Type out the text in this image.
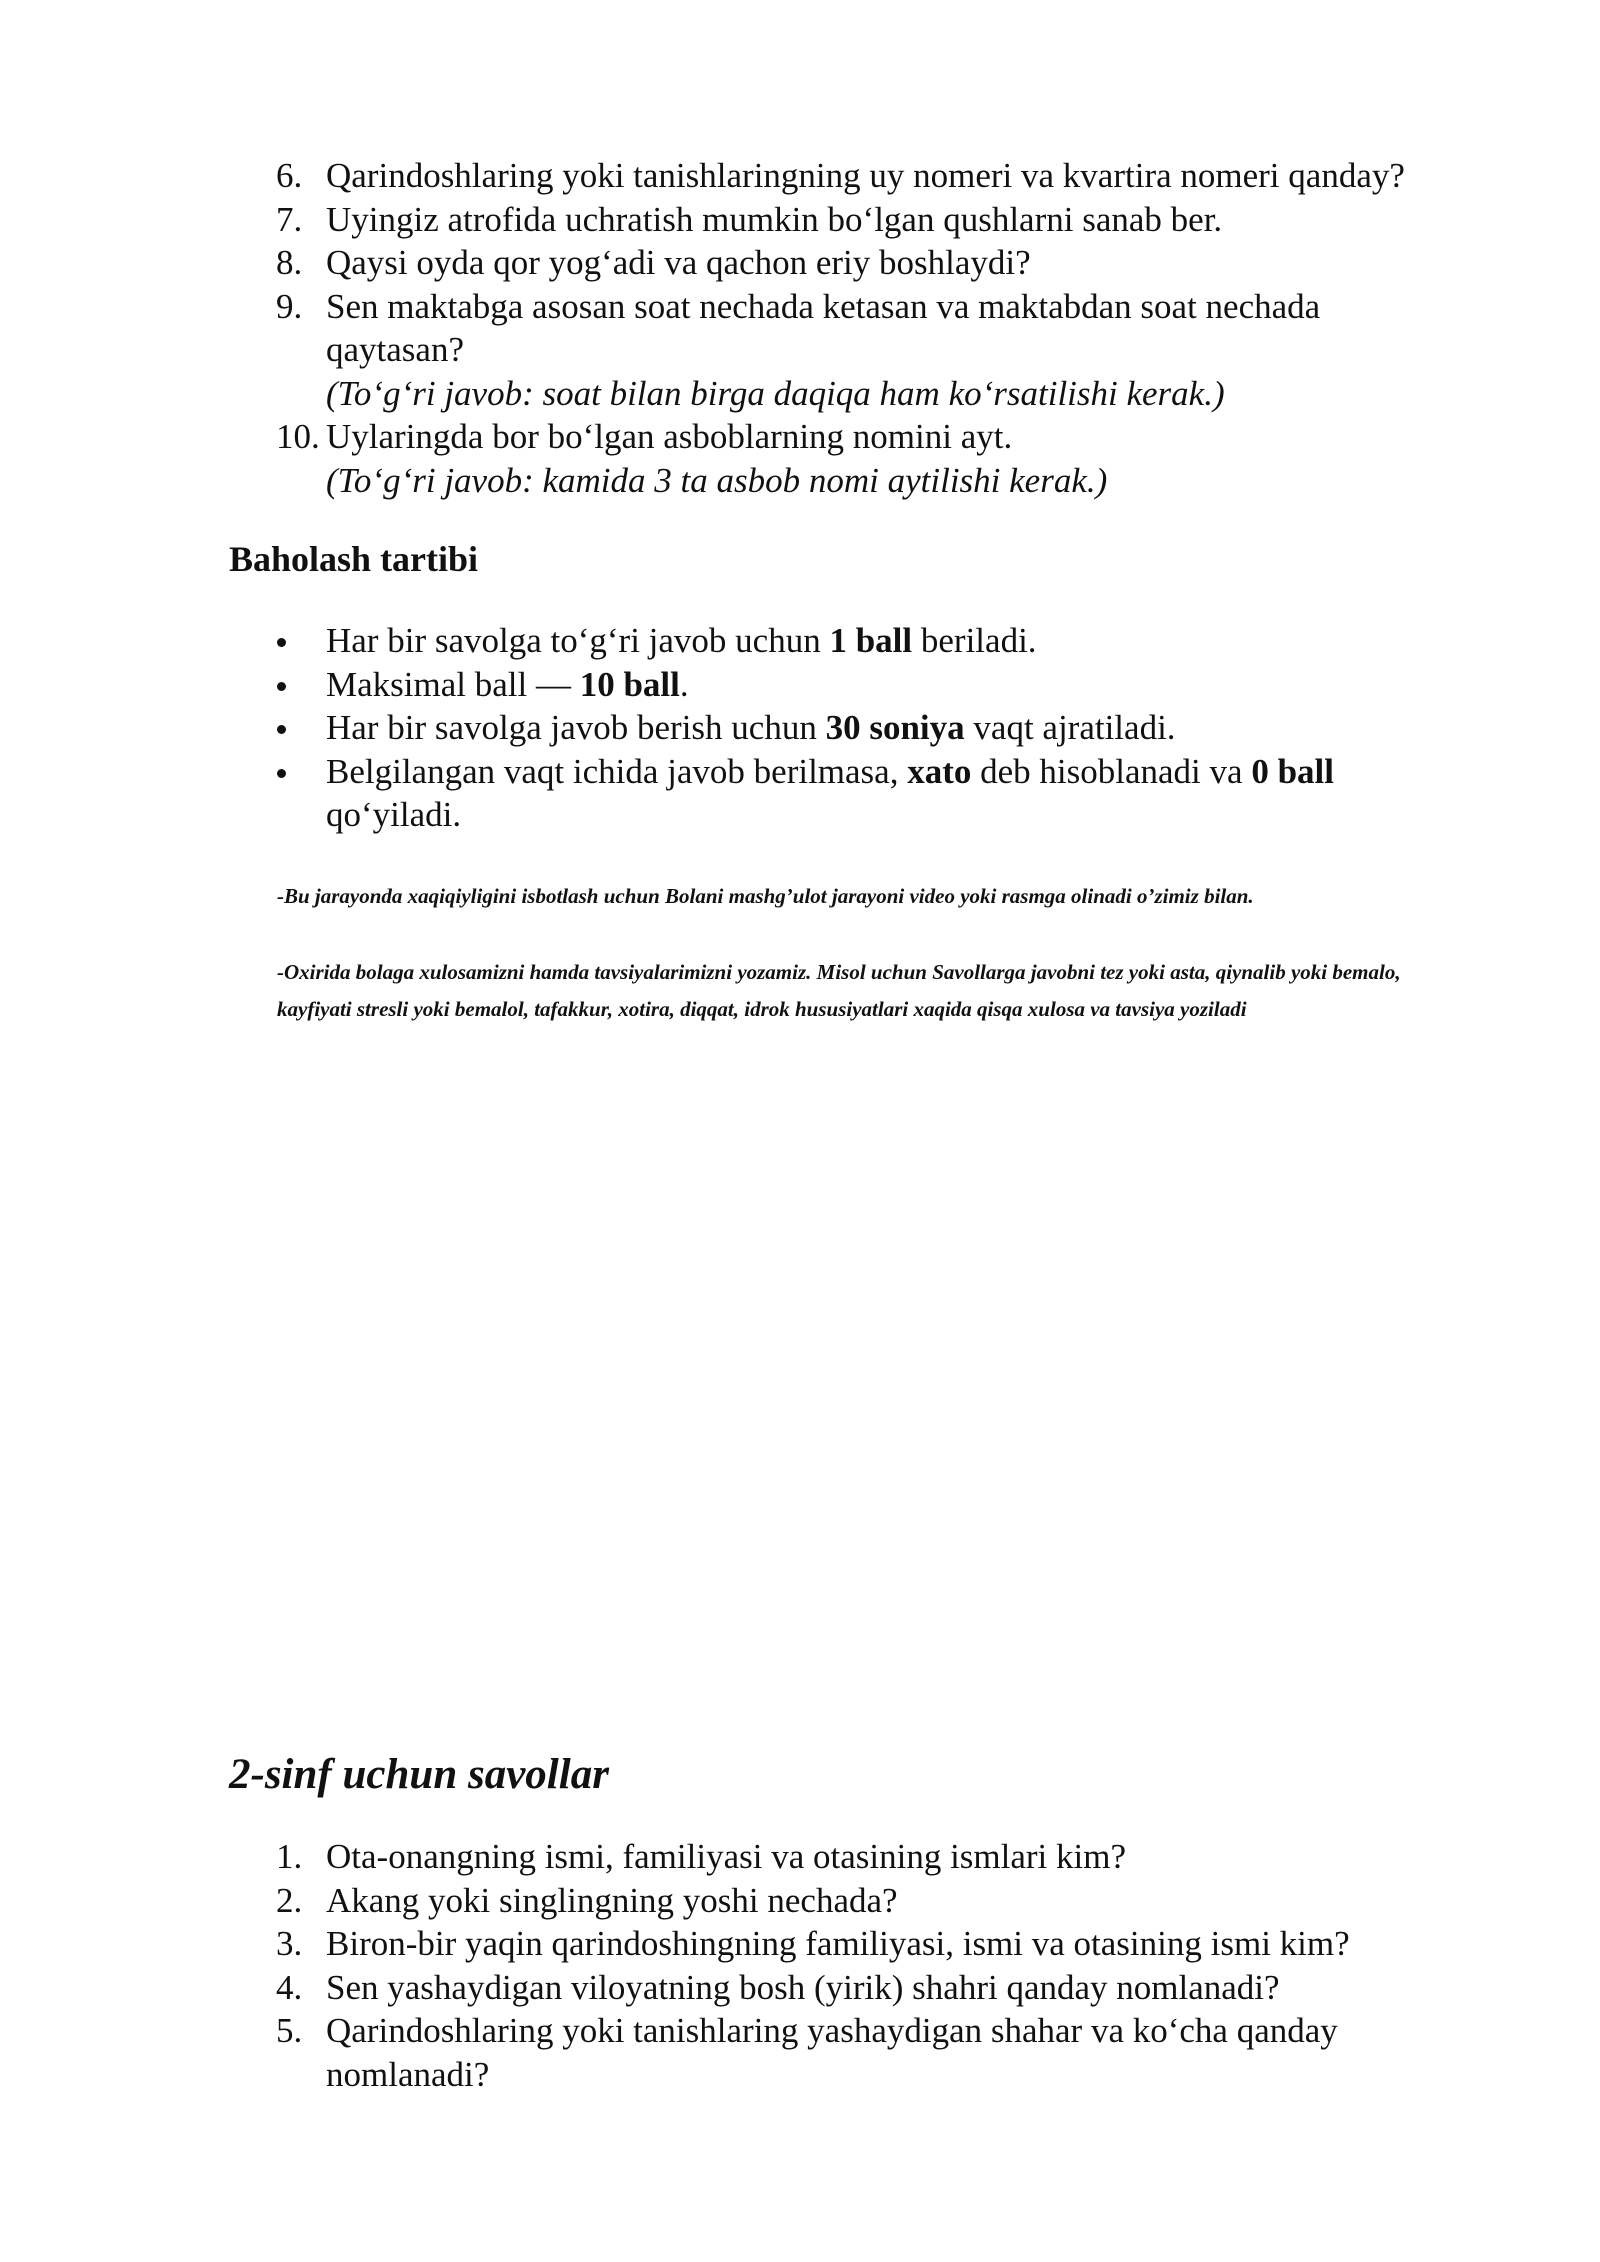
6. Qarindoshlaring yoki tanishlaringning uy nomeri va kvartira nomeri qanday?
7. Uyingiz atrofida uchratish mumkin bo‘lgan qushlarni sanab ber.
8. Qaysi oyda qor yog‘adi va qachon eriy boshlaydi?
9. Sen maktabga asosan soat nechada ketasan va maktabdan soat nechada qaytasan?
(To‘g‘ri javob: soat bilan birga daqiqa ham ko‘rsatilishi kerak.)
10. Uylaringda bor bo‘lgan asboblarning nomini ayt.
(To‘g‘ri javob: kamida 3 ta asbob nomi aytilishi kerak.)
Baholash tartibi
Har bir savolga to‘g‘ri javob uchun 1 ball beriladi.
Maksimal ball — 10 ball.
Har bir savolga javob berish uchun 30 soniya vaqt ajratiladi.
Belgilangan vaqt ichida javob berilmasa, xato deb hisoblanadi va 0 ball qo‘yiladi.
-Bu jarayonda xaqiqiyligini isbotlash uchun Bolani mashg’ulot jarayoni video yoki rasmga olinadi o’zimiz bilan.
-Oxirida bolaga xulosamizni hamda tavsiyalarimizni yozamiz. Misol uchun Savollarga javobni tez yoki asta, qiynalib yoki bemalo, kayfiyati stresli yoki bemalol, tafakkur, xotira, diqqat, idrok hususiyatlari xaqida qisqa xulosa va tavsiya yoziladi
2-sinf uchun savollar
1. Ota-onangning ismi, familiyasi va otasining ismlari kim?
2. Akang yoki singlingning yoshi nechada?
3. Biron-bir yaqin qarindoshingning familiyasi, ismi va otasining ismi kim?
4. Sen yashaydigan viloyatning bosh (yirik) shahri qanday nomlanadi?
5. Qarindoshlaring yoki tanishlaring yashaydigan shahar va ko‘cha qanday nomlanadi?
